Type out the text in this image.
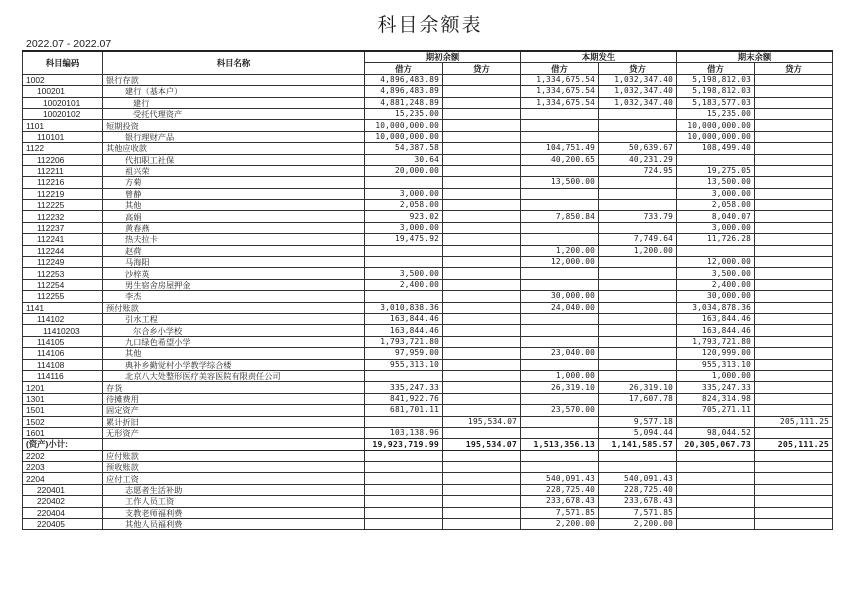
科目余额表
2022.07 - 2022.07
科目编码	科目名称	期初余额		本期发生		期末余额	
		借方	贷方	借方	贷方	借方	贷方
1002	银行存款	4,896,483.89		1,334,675.54	1,032,347.40	5,198,812.03	
100201	建行（基本户）	4,896,483.89		1,334,675.54	1,032,347.40	5,198,812.03	
10020101	建行	4,881,248.89		1,334,675.54	1,032,347.40	5,183,577.03	
10020102	受托代理资产	15,235.00				15,235.00	
1101	短期投资	10,000,000.00				10,000,000.00	
110101	银行理财产品	10,000,000.00				10,000,000.00	
1122	其他应收款	54,387.58		104,751.49	50,639.67	108,499.40	
112206	代扣职工社保	30.64		40,200.65	40,231.29		
112211	祖兴荣	20,000.00			724.95	19,275.05	
112216	方菊			13,500.00		13,500.00	
112219	曾静	3,000.00				3,000.00	
112225	其他	2,058.00				2,058.00	
112232	高娟	923.02		7,850.84	733.79	8,040.07	
112237	黄春燕	3,000.00				3,000.00	
112241	热夫拉卡	19,475.92			7,749.64	11,726.28	
112244	赵荷			1,200.00	1,200.00		
112249	马海阳			12,000.00		12,000.00	
112253	沙梓英	3,500.00				3,500.00	
112254	男生宿舍房屋押金	2,400.00				2,400.00	
112255	李杰			30,000.00		30,000.00	
1141	预付账款	3,010,838.36		24,040.00		3,034,878.36	
114102	引水工程	163,844.46				163,844.46	
11410203	尔合乡小学校	163,844.46				163,844.46	
114105	九口绿色希望小学	1,793,721.80				1,793,721.80	
114106	其他	97,959.00		23,040.00		120,999.00	
114108	典补乡勤觉村小学教学综合楼	955,313.10				955,313.10	
114116	北京八大处整形医疗美容医院有限责任公司			1,000.00		1,000.00	
1201	存货	335,247.33		26,319.10	26,319.10	335,247.33	
1301	待摊费用	841,922.76			17,607.78	824,314.98	
1501	固定资产	681,701.11		23,570.00		705,271.11	
1502	累计折旧		195,534.07		9,577.18		205,111.25
1601	无形资产	103,138.96			5,094.44	98,044.52	
(资产)小计:		19,923,719.99	195,534.07	1,513,356.13	1,141,585.57	20,305,067.73	205,111.25
2202	应付账款						
2203	预收账款						
2204	应付工资			540,091.43	540,091.43		
220401	志愿者生活补助			228,725.40	228,725.40		
220402	工作人员工资			233,678.43	233,678.43		
220404	支教老师福利费			7,571.85	7,571.85		
220405	其他人员福利费			2,200.00	2,200.00		
